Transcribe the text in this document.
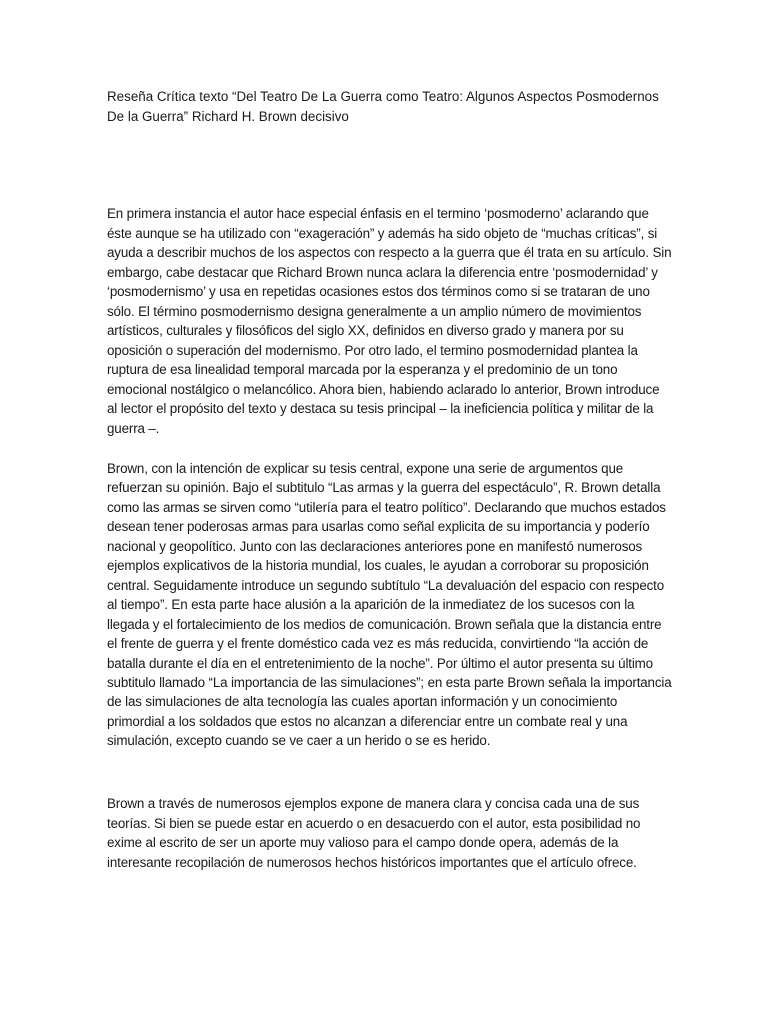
Reseña Crítica texto “Del Teatro De La Guerra como Teatro: Algunos Aspectos Posmodernos De la Guerra” Richard H. Brown decisivo

En primera instancia el autor hace especial énfasis en el termino ‘posmoderno’ aclarando que éste aunque se ha utilizado con “exageración” y además ha sido objeto de “muchas críticas”, si ayuda a describir muchos de los aspectos con respecto a la guerra que él trata en su artículo. Sin embargo, cabe destacar que Richard Brown nunca aclara la diferencia entre ‘posmodernidad’ y ‘posmodernismo’ y usa en repetidas ocasiones estos dos términos como si se trataran de uno sólo. El término posmodernismo designa generalmente a un amplio número de movimientos artísticos, culturales y filosóficos del siglo XX, definidos en diverso grado y manera por su oposición o superación del modernismo. Por otro lado, el termino posmodernidad plantea la ruptura de esa linealidad temporal marcada por la esperanza y el predominio de un tono emocional nostálgico o melancólico. Ahora bien, habiendo aclarado lo anterior, Brown introduce al lector el propósito del texto y destaca su tesis principal – la ineficiencia política y militar de la guerra –.

Brown, con la intención de explicar su tesis central, expone una serie de argumentos que refuerzan su opinión. Bajo el subtitulo “Las armas y la guerra del espectáculo”, R. Brown detalla como las armas se sirven como “utilería para el teatro político”. Declarando que muchos estados desean tener poderosas armas para usarlas como señal explicita de su importancia y poderío nacional y geopolítico. Junto con las declaraciones anteriores pone en manifestó numerosos ejemplos explicativos de la historia mundial, los cuales, le ayudan a corroborar su proposición central. Seguidamente introduce un segundo subtítulo “La devaluación del espacio con respecto al tiempo”. En esta parte hace alusión a la aparición de la inmediatez de los sucesos con la llegada y el fortalecimiento de los medios de comunicación. Brown señala que la distancia entre el frente de guerra y el frente doméstico cada vez es más reducida, convirtiendo “la acción de batalla durante el día en el entretenimiento de la noche”. Por último el autor presenta su último subtitulo llamado “La importancia de las simulaciones”; en esta parte Brown señala la importancia de las simulaciones de alta tecnología las cuales aportan información y un conocimiento primordial a los soldados que estos no alcanzan a diferenciar entre un combate real y una simulación, excepto cuando se ve caer a un herido o se es herido.

Brown a través de numerosos ejemplos expone de manera clara y concisa cada una de sus teorías. Si bien se puede estar en acuerdo o en desacuerdo con el autor, esta posibilidad no exime al escrito de ser un aporte muy valioso para el campo donde opera, además de la interesante recopilación de numerosos hechos históricos importantes que el artículo ofrece.
